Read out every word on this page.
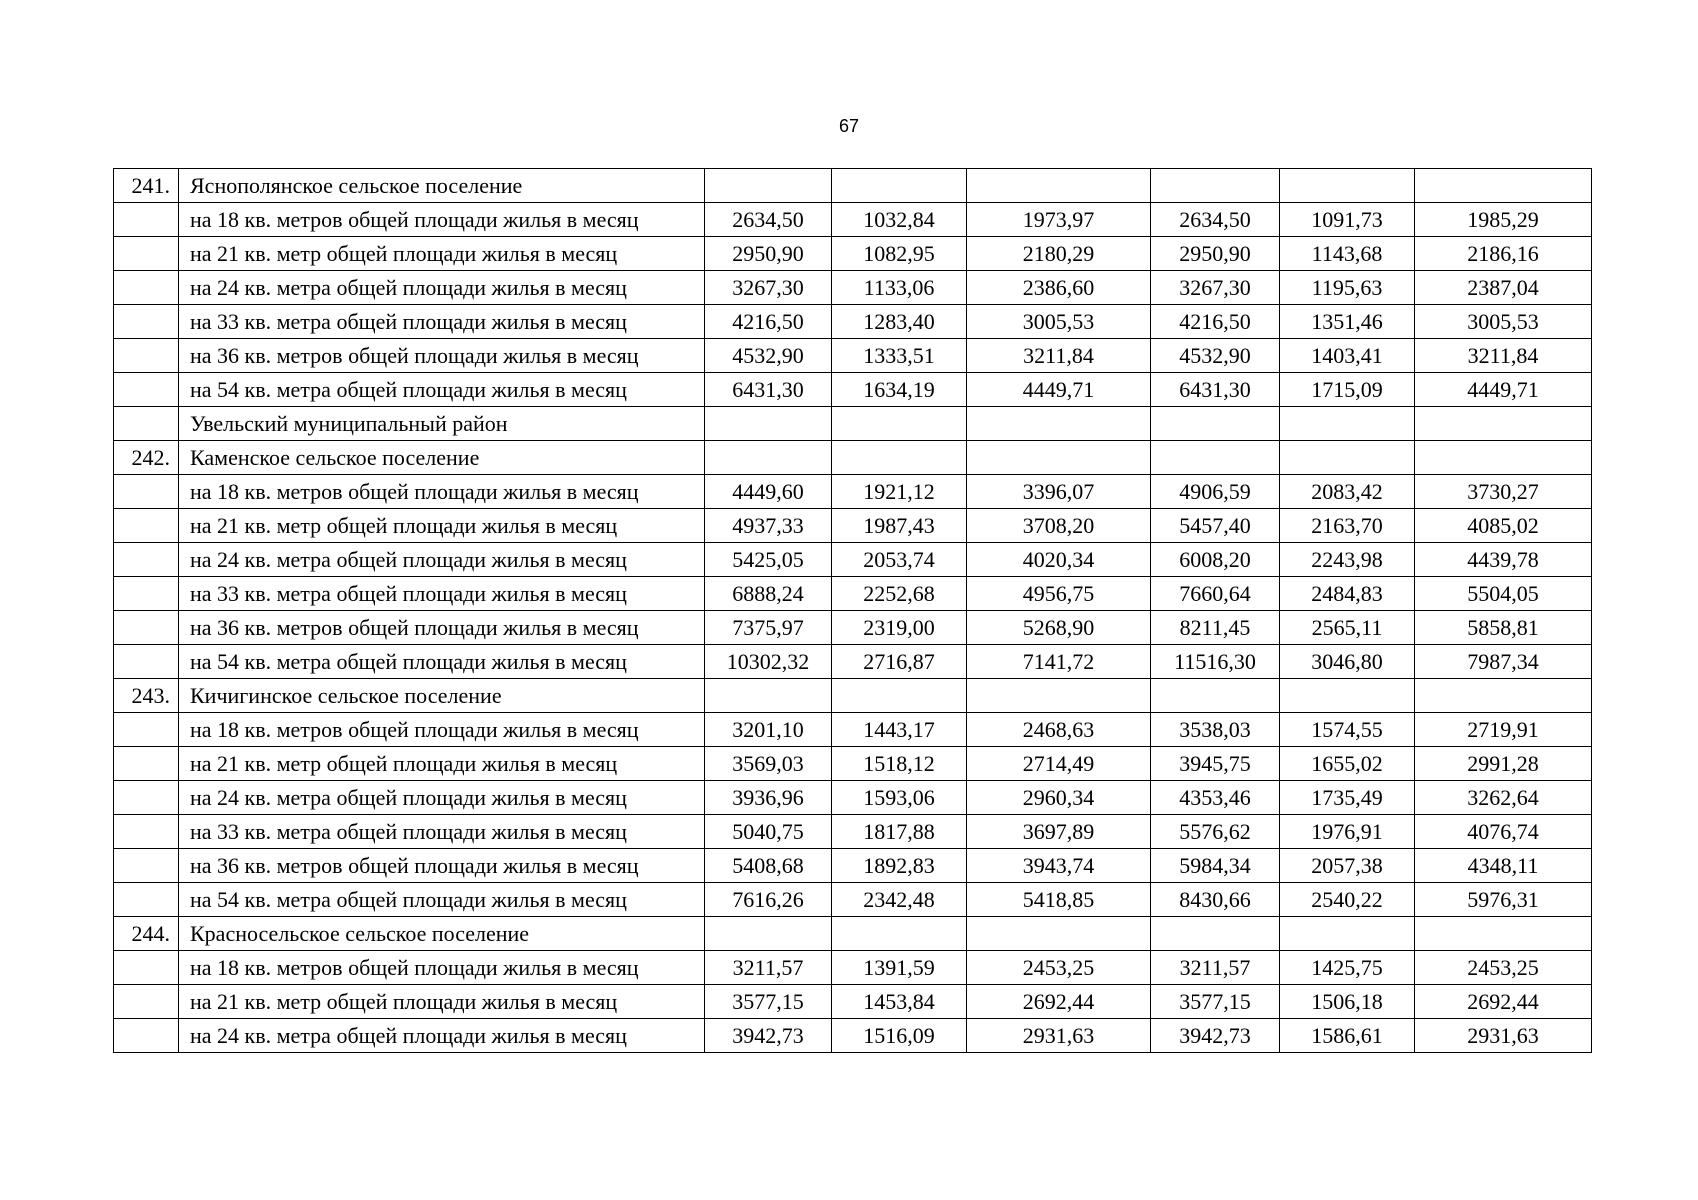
67
241.	Яснополянское сельское поселение						
	на 18 кв. метров общей площади жилья в месяц	2634,50	1032,84	1973,97	2634,50	1091,73	1985,29
	на 21 кв. метр общей площади жилья в месяц	2950,90	1082,95	2180,29	2950,90	1143,68	2186,16
	на 24 кв. метра общей площади жилья в месяц	3267,30	1133,06	2386,60	3267,30	1195,63	2387,04
	на 33 кв. метра общей площади жилья в месяц	4216,50	1283,40	3005,53	4216,50	1351,46	3005,53
	на 36 кв. метров общей площади жилья в месяц	4532,90	1333,51	3211,84	4532,90	1403,41	3211,84
	на 54 кв. метра общей площади жилья в месяц	6431,30	1634,19	4449,71	6431,30	1715,09	4449,71
	Увельский муниципальный район						
242.	Каменское сельское поселение						
	на 18 кв. метров общей площади жилья в месяц	4449,60	1921,12	3396,07	4906,59	2083,42	3730,27
	на 21 кв. метр общей площади жилья в месяц	4937,33	1987,43	3708,20	5457,40	2163,70	4085,02
	на 24 кв. метра общей площади жилья в месяц	5425,05	2053,74	4020,34	6008,20	2243,98	4439,78
	на 33 кв. метра общей площади жилья в месяц	6888,24	2252,68	4956,75	7660,64	2484,83	5504,05
	на 36 кв. метров общей площади жилья в месяц	7375,97	2319,00	5268,90	8211,45	2565,11	5858,81
	на 54 кв. метра общей площади жилья в месяц	10302,32	2716,87	7141,72	11516,30	3046,80	7987,34
243.	Кичигинское сельское поселение						
	на 18 кв. метров общей площади жилья в месяц	3201,10	1443,17	2468,63	3538,03	1574,55	2719,91
	на 21 кв. метр общей площади жилья в месяц	3569,03	1518,12	2714,49	3945,75	1655,02	2991,28
	на 24 кв. метра общей площади жилья в месяц	3936,96	1593,06	2960,34	4353,46	1735,49	3262,64
	на 33 кв. метра общей площади жилья в месяц	5040,75	1817,88	3697,89	5576,62	1976,91	4076,74
	на 36 кв. метров общей площади жилья в месяц	5408,68	1892,83	3943,74	5984,34	2057,38	4348,11
	на 54 кв. метра общей площади жилья в месяц	7616,26	2342,48	5418,85	8430,66	2540,22	5976,31
244.	Красносельское сельское поселение						
	на 18 кв. метров общей площади жилья в месяц	3211,57	1391,59	2453,25	3211,57	1425,75	2453,25
	на 21 кв. метр общей площади жилья в месяц	3577,15	1453,84	2692,44	3577,15	1506,18	2692,44
	на 24 кв. метра общей площади жилья в месяц	3942,73	1516,09	2931,63	3942,73	1586,61	2931,63
